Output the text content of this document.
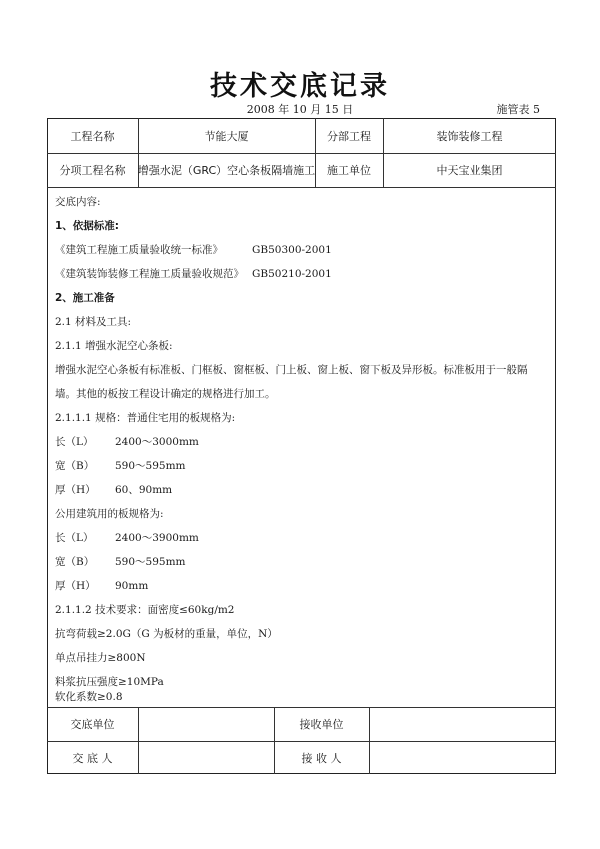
技术交底记录
2008 年 10 月 15 日	施管表 5
工程名称	节能大厦	分部工程	装饰装修工程
分项工程名称	增强水泥（GRC）空心条板隔墙施工	施工单位	中天宝业集团
交底内容:
1、依据标准:
《建筑工程施工质量验收统一标准》	GB50300-2001
《建筑装饰装修工程施工质量验收规范》 GB50210-2001
2、施工准备
2.1 材料及工具:
2.1.1 增强水泥空心条板:
增强水泥空心条板有标准板、门框板、窗框板、门上板、窗上板、窗下板及异形板。标准板用于一般隔
墙。其他的板按工程设计确定的规格进行加工。
2.1.1.1 规格：普通住宅用的板规格为:
长（L） 2400～3000mm
宽（B） 590～595mm
厚（H） 60、90mm
公用建筑用的板规格为:
长（L） 2400～3900mm
宽（B） 590～595mm
厚（H） 90mm
2.1.1.2 技术要求：面密度≤60kg/m2
抗弯荷载≥2.0G（G 为板材的重量，单位，N）
单点吊挂力≥800N
料浆抗压强度≥10MPa
软化系数≥0.8
交底单位	接收单位
交 底 人	接 收 人
